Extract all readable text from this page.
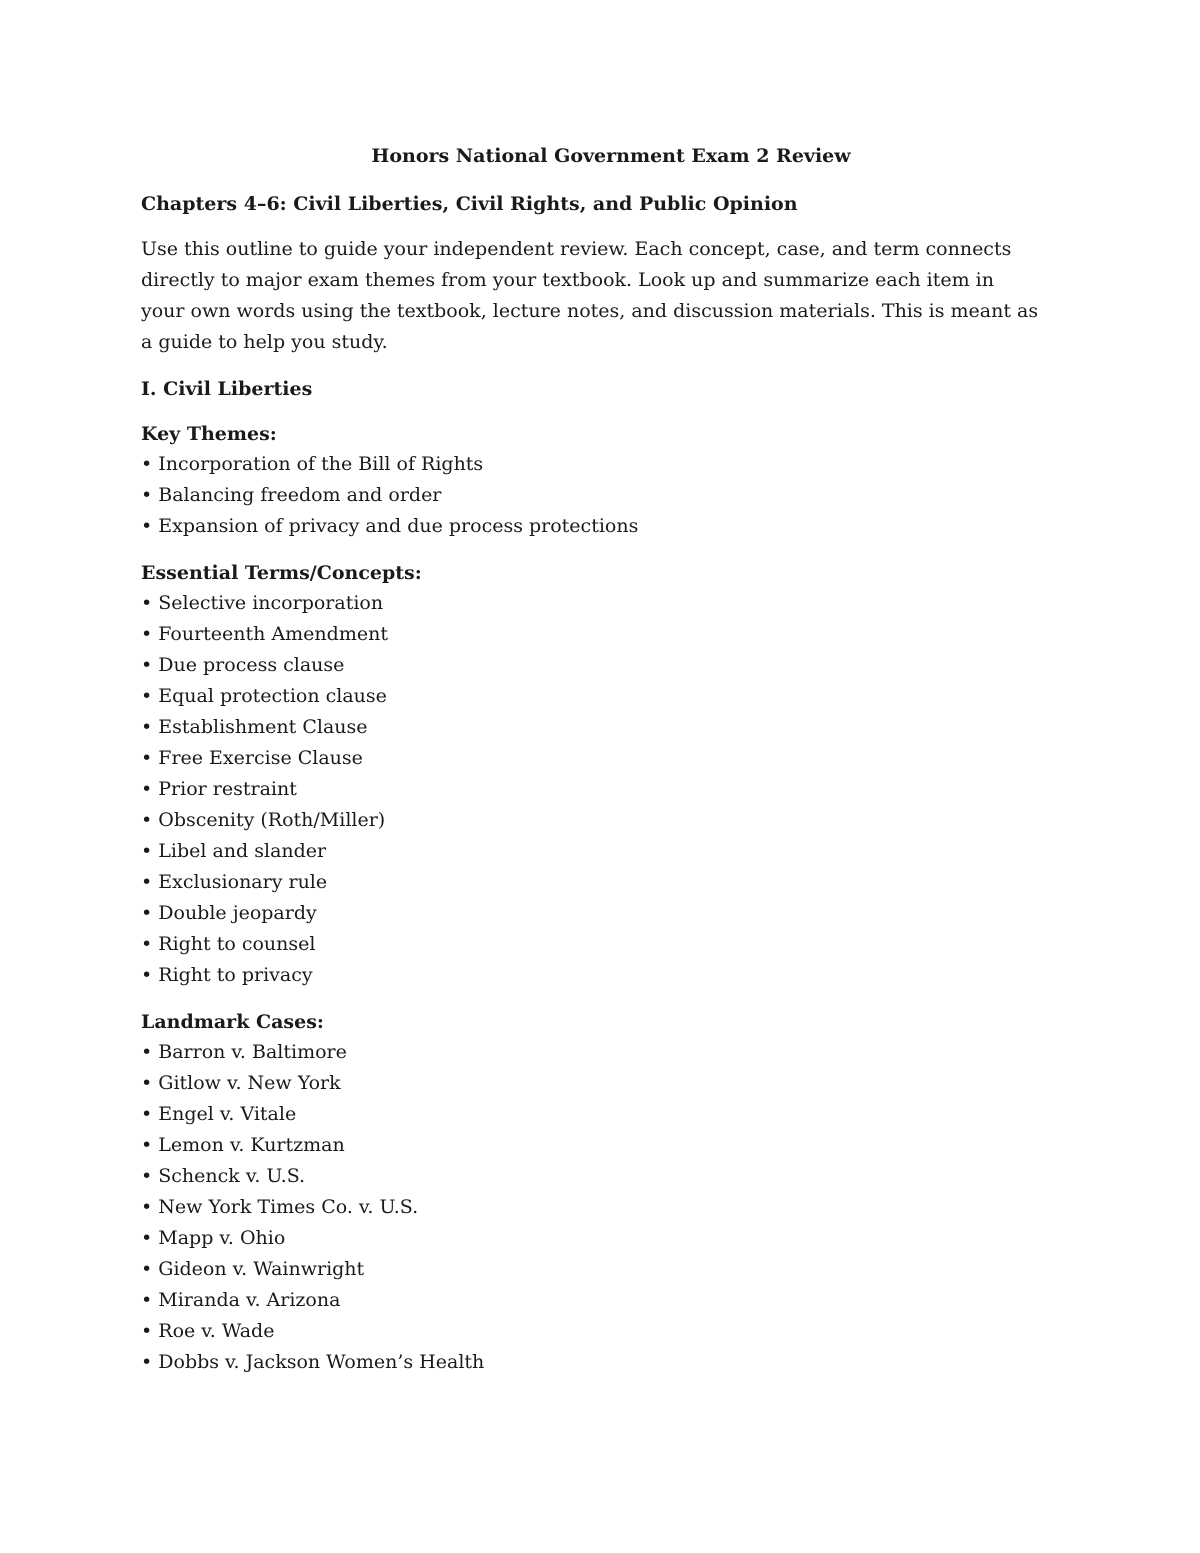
Honors National Government Exam 2 Review
Chapters 4–6: Civil Liberties, Civil Rights, and Public Opinion

Use this outline to guide your independent review. Each concept, case, and term connects directly to major exam themes from your textbook. Look up and summarize each item in your own words using the textbook, lecture notes, and discussion materials. This is meant as a guide to help you study.

I. Civil Liberties
Key Themes:
• Incorporation of the Bill of Rights
• Balancing freedom and order
• Expansion of privacy and due process protections
Essential Terms/Concepts:
• Selective incorporation
• Fourteenth Amendment
• Due process clause
• Equal protection clause
• Establishment Clause
• Free Exercise Clause
• Prior restraint
• Obscenity (Roth/Miller)
• Libel and slander
• Exclusionary rule
• Double jeopardy
• Right to counsel
• Right to privacy
Landmark Cases:
• Barron v. Baltimore
• Gitlow v. New York
• Engel v. Vitale
• Lemon v. Kurtzman
• Schenck v. U.S.
• New York Times Co. v. U.S.
• Mapp v. Ohio
• Gideon v. Wainwright
• Miranda v. Arizona
• Roe v. Wade
• Dobbs v. Jackson Women’s Health
